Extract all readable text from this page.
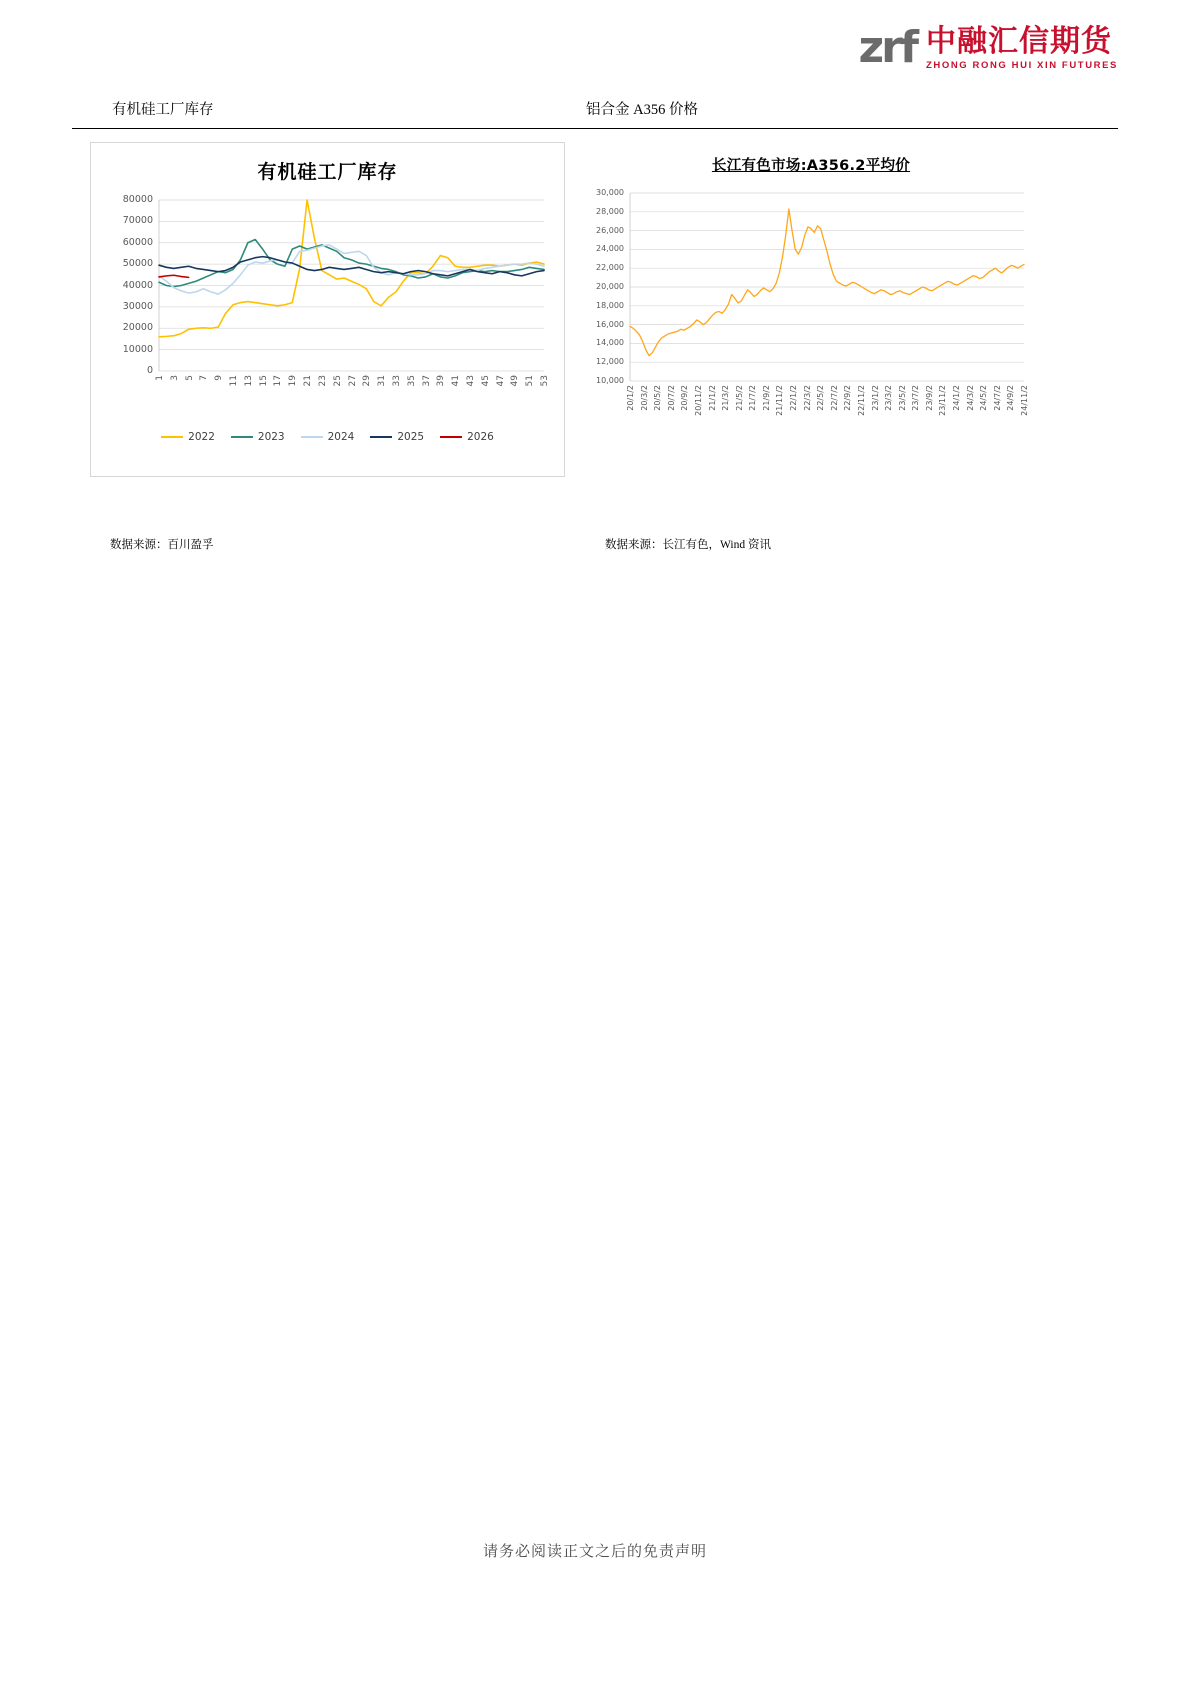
zrf 中融汇信期货
ZHONG RONG HUI XIN FUTURES
有机硅工厂库存	铝合金 A356 价格
有机硅工厂库存
80000
70000
60000
50000
40000
30000
20000
10000
0
1 3 5 7 9 11 13 15 17 19 21 23 25 27 29 31 33 35 37 39 41 43 45 47 49 51 53
2022	2023	2024	2025	2026
长江有色市场:A356.2平均价
30,000
28,000
26,000
24,000
22,000
20,000
18,000
16,000
14,000
12,000
10,000
20/1/2 20/3/2 20/5/2 20/7/2 20/9/2 20/11/2 21/1/2 21/3/2 21/5/2 21/7/2 21/9/2 21/11/2 22/1/2 22/3/2 22/5/2 22/7/2 22/9/2 22/11/2 23/1/2 23/3/2 23/5/2 23/7/2 23/9/2 23/11/2 24/1/2 24/3/2 24/5/2 24/7/2 24/9/2 24/11/2
数据来源：百川盈孚	数据来源：长江有色，Wind 资讯
请务必阅读正文之后的免责声明
